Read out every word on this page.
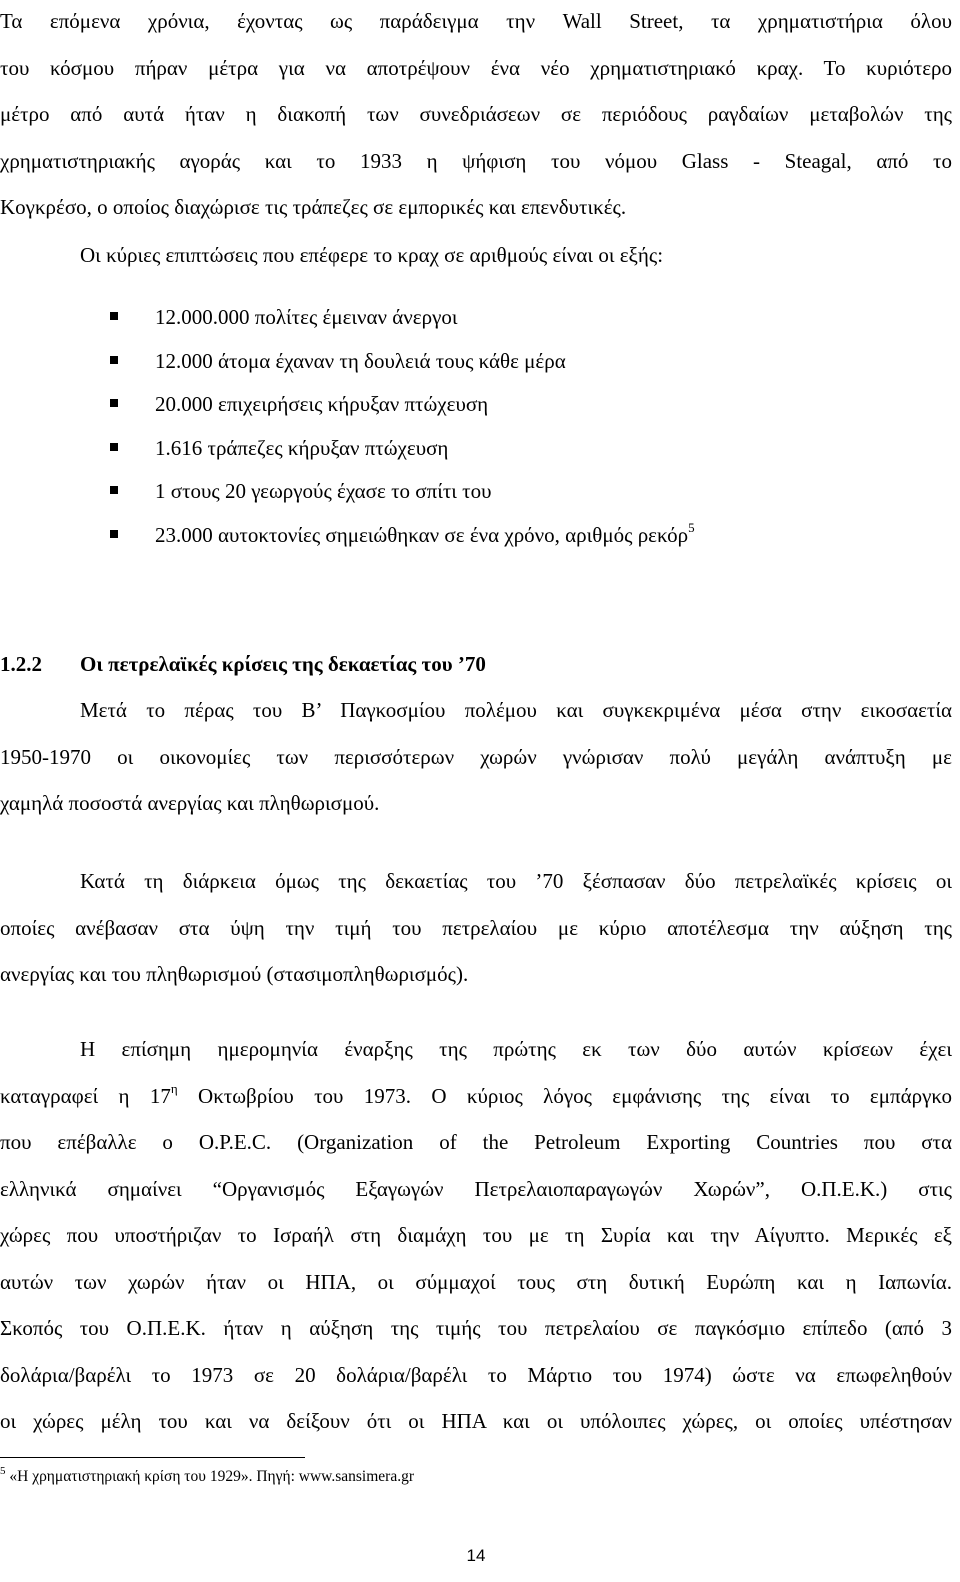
Τα επόμενα χρόνια, έχοντας ως παράδειγμα την Wall Street, τα χρηματιστήρια όλου
του κόσμου πήραν μέτρα για να αποτρέψουν ένα νέο χρηματιστηριακό κραχ. Το κυριότερο
μέτρο από αυτά ήταν η διακοπή των συνεδριάσεων σε περιόδους ραγδαίων μεταβολών της
χρηματιστηριακής αγοράς και το 1933 η ψήφιση του νόμου Glass - Steagal, από το
Κογκρέσο, ο οποίος διαχώρισε τις τράπεζες σε εμπορικές και επενδυτικές.

Οι κύριες επιπτώσεις που επέφερε το κραχ σε αριθμούς είναι οι εξής:

12.000.000 πολίτες έμειναν άνεργοι
12.000 άτομα έχαναν τη δουλειά τους κάθε μέρα
20.000 επιχειρήσεις κήρυξαν πτώχευση
1.616 τράπεζες κήρυξαν πτώχευση
1 στους 20 γεωργούς έχασε το σπίτι του
23.000 αυτοκτονίες σημειώθηκαν σε ένα χρόνο, αριθμός ρεκόρ$^5$
1.2.2 Οι πετρελαϊκές κρίσεις της δεκαετίας του ’70
Μετά το πέρας του Β’ Παγκοσμίου πολέμου και συγκεκριμένα μέσα στην εικοσαετία
1950-1970 οι οικονομίες των περισσότερων χωρών γνώρισαν πολύ μεγάλη ανάπτυξη με
χαμηλά ποσοστά ανεργίας και πληθωρισμού.
Κατά τη διάρκεια όμως της δεκαετίας του ’70 ξέσπασαν δύο πετρελαϊκές κρίσεις οι
οποίες ανέβασαν στα ύψη την τιμή του πετρελαίου με κύριο αποτέλεσμα την αύξηση της
ανεργίας και του πληθωρισμού (στασιμοπληθωρισμός).
Η επίσημη ημερομηνία έναρξης της πρώτης εκ των δύο αυτών κρίσεων έχει
καταγραφεί η $17^\eta$ Οκτωβρίου του 1973. Ο κύριος λόγος εμφάνισης της είναι το εμπάργκο
που επέβαλλε ο O.P.E.C. (Organization of the Petroleum Exporting Countries που στα
ελληνικά σημαίνει “Οργανισμός Εξαγωγών Πετρελαιοπαραγωγών Χωρών”, Ο.Π.Ε.Κ.) στις
χώρες που υποστήριζαν το Ισραήλ στη διαμάχη του με τη Συρία και την Αίγυπτο. Μερικές εξ
αυτών των χωρών ήταν οι ΗΠΑ, οι σύμμαχοί τους στη δυτική Ευρώπη και η Ιαπωνία.
Σκοπός του Ο.Π.Ε.Κ. ήταν η αύξηση της τιμής του πετρελαίου σε παγκόσμιο επίπεδο (από 3
δολάρια/βαρέλι το 1973 σε 20 δολάρια/βαρέλι το Μάρτιο του 1974) ώστε να επωφεληθούν
οι χώρες μέλη του και να δείξουν ότι οι ΗΠΑ και οι υπόλοιπες χώρες, οι οποίες υπέστησαν

$^5$ «Η χρηματιστηριακή κρίση του 1929». Πηγή: www.sansimera.gr

14
